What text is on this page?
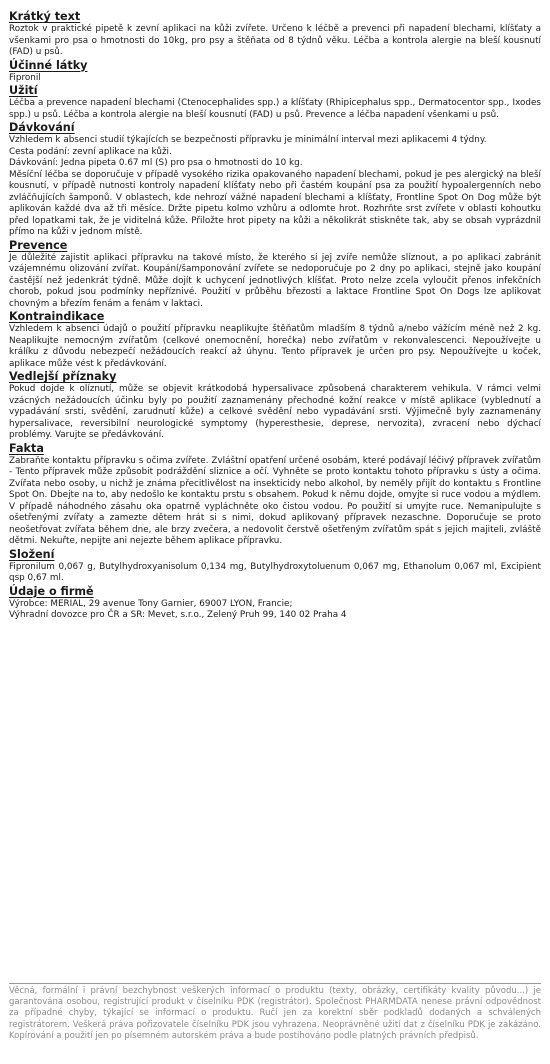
Krátký text

Roztok v praktické pipetě k zevní aplikaci na kůži zvířete. Určeno k léčbě a prevenci při napadení blechami, klíšťaty a všenkami pro psa o hmotnosti do 10kg, pro psy a štěňata od 8 týdnů věku. Léčba a kontrola alergie na bleší kousnutí (FAD) u psů.

Účinné látky

Fipronil

Užití

Léčba a prevence napadení blechami (Ctenocephalides spp.) a klíšťaty (Rhipicephalus spp., Dermatocentor spp., Ixodes spp.) u psů. Léčba a kontrola alergie na bleší kousnutí (FAD) u psů. Prevence a léčba napadení všenkami u psů.

Dávkování

Vzhledem k absenci studií týkajících se bezpečnosti přípravku je minimální interval mezi aplikacemi 4 týdny.

Cesta podání: zevní aplikace na kůži.

Dávkování: Jedna pipeta 0.67 ml (S) pro psa o hmotnosti do 10 kg.

Měsíční léčba se doporučuje v případě vysokého rizika opakovaného napadení blechami, pokud je pes alergický na bleší kousnutí, v případě nutnosti kontroly napadení klíšťaty nebo při častém koupání psa za použití hypoalergenních nebo zvláčňujících šamponů. V oblastech, kde nehrozí vážné napadení blechami a klíšťaty, Frontline Spot On Dog může být aplikován každé dva až tři měsíce. Držte pipetu kolmo vzhůru a odlomte hrot. Rozhrňte srst zvířete v oblasti kohoutku před lopatkami tak, že je viditelná kůže. Přiložte hrot pipety na kůži a několikrát stiskněte tak, aby se obsah vyprázdnil přímo na kůži v jednom místě.

Prevence

Je důležité zajistit aplikaci přípravku na takové místo, že kterého si jej zvíře nemůže slíznout, a po aplikaci zabránit vzájemnému olizování zvířat. Koupání/šamponování zvířete se nedoporučuje po 2 dny po aplikaci, stejně jako koupání častější než jedenkrát týdně. Může dojít k uchycení jednotlivých klíšťat. Proto nelze zcela vyloučit přenos infekčních chorob, pokud jsou podmínky nepříznivé. Použití v průběhu březosti a laktace Frontline Spot On Dogs lze aplikovat chovným a březím fenám a fenám v laktaci.

Kontraindikace

Vzhledem k absenci údajů o použití přípravku neaplikujte štěňatům mladším 8 týdnů a/nebo vážícím méně než 2 kg. Neaplikujte nemocným zvířatům (celkové onemocnění, horečka) nebo zvířatům v rekonvalescenci. Nepoužívejte u králíku z důvodu nebezpečí nežádoucích reakcí až úhynu. Tento přípravek je určen pro psy. Nepoužívejte u koček, aplikace může vést k předávkování.

Vedlejší příznaky

Pokud dojde k olíznutí, může se objevit krátkodobá hypersalivace způsobená charakterem vehikula. V rámci velmi vzácných nežádoucích účinku byly po použití zaznamenány přechodné kožní reakce v místě aplikace (vyblednutí a vypadávání srsti, svědění, zarudnutí kůže) a celkové svědění nebo vypadávání srsti. Výjimečně byly zaznamenány hypersalivace, reversibilní neurologické symptomy (hyperesthesie, deprese, nervozita), zvracení nebo dýchací problémy. Varujte se předávkování.

Fakta

Zabraňte kontaktu přípravku s očima zvířete. Zvláštní opatření určené osobám, které podávají léčivý přípravek zvířatům - Tento přípravek může způsobit podráždění sliznice a očí. Vyhněte se proto kontaktu tohoto přípravku s ústy a očima. Zvířata nebo osoby, u nichž je známa přecitlivělost na insekticidy nebo alkohol, by neměly přijít do kontaktu s Frontline Spot On. Dbejte na to, aby nedošlo ke kontaktu prstu s obsahem. Pokud k němu dojde, omyjte si ruce vodou a mýdlem. V případě náhodného zásahu oka opatrně vypláchněte oko čistou vodou. Po použití si umyjte ruce. Nemanipulujte s ošetřenými zvířaty a zamezte dětem hrát si s nimi, dokud aplikovaný přípravek nezaschne. Doporučuje se proto neošetřovat zvířata během dne, ale brzy zvečera, a nedovolit čerstvě ošetřeným zvířatům spát s jejich majiteli, zvláště dětmi. Nekuřte, nepijte ani nejezte během aplikace přípravku.

Složení

Fipronilum 0,067 g, Butylhydroxyanisolum 0,134 mg, Butylhydroxytoluenum 0,067 mg, Ethanolum 0,067 ml, Excipient qsp 0,67 ml.

Údaje o firmě

Výrobce: MERIAL, 29 avenue Tony Garnier, 69007 LYON, Francie;

Výhradní dovozce pro ČR a SR: Mevet, s.r.o., Zelený Pruh 99, 140 02 Praha 4

Věcná, formální i právní bezchybnost veškerých informací o produktu (texty, obrázky, certifikáty kvality původu...) je garantována osobou, registrující produkt v číselníku PDK (registrátor). Společnost PHARMDATA nenese právní odpovědnost za případné chyby, týkající se informací o produktu. Ručí jen za korektní sběr podkladů dodaných a schválených registrátorem. Veškerá práva pořizovatele číselníku PDK jsou vyhrazena. Neoprávněné užití dat z číselníku PDK je zakázáno. Kopírování a použití jen po písemném autorském práva a bude postihováno podle platných právních předpisů.

​
